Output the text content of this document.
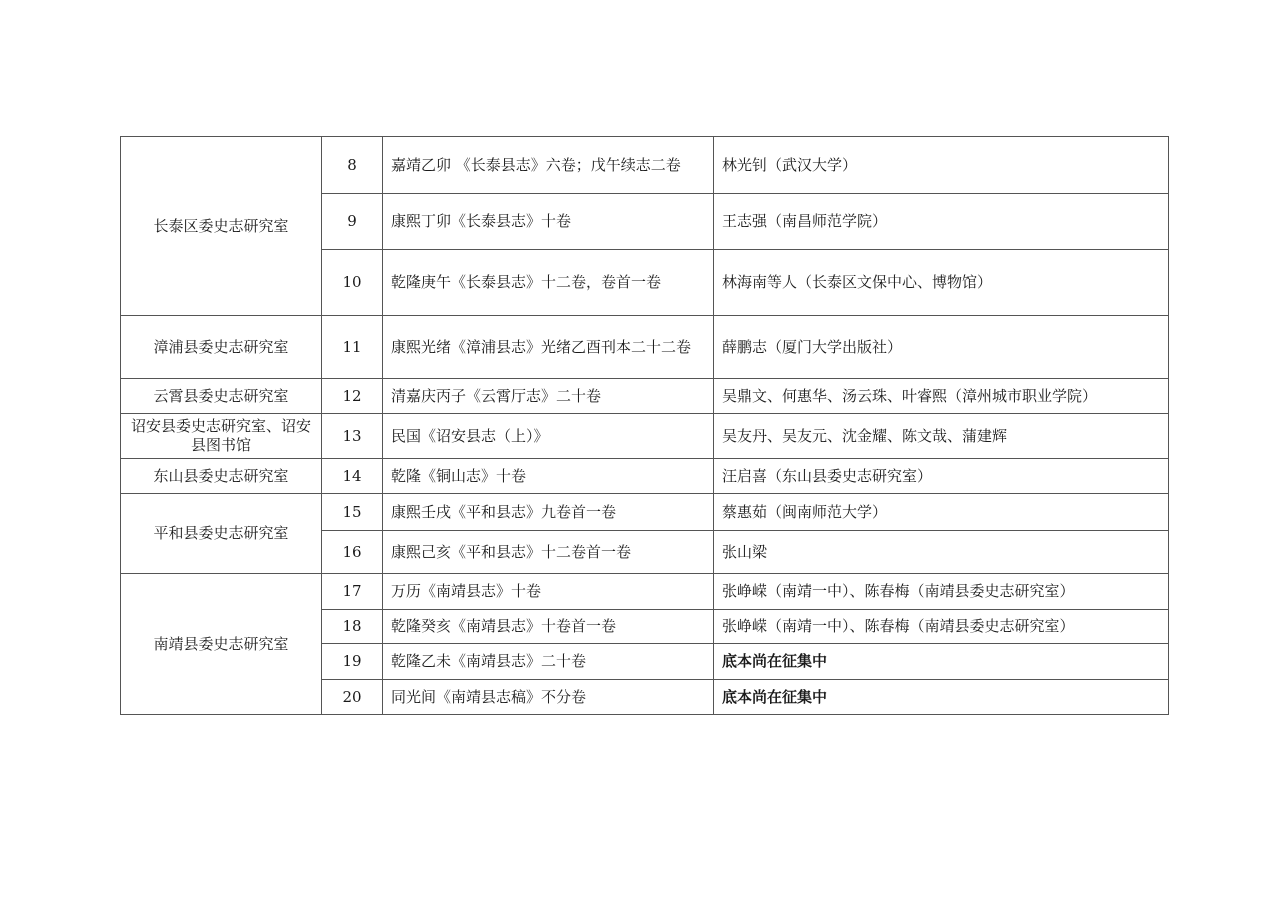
长泰区委史志研究室	8	嘉靖乙卯 《长泰县志》六卷；戊午续志二卷	林光钊（武汉大学）
	9	康熙丁卯《长泰县志》十卷	王志强（南昌师范学院）
	10	乾隆庚午《长泰县志》十二卷，卷首一卷	林海南等人（长泰区文保中心、博物馆）
漳浦县委史志研究室	11	康熙光绪《漳浦县志》光绪乙酉刊本二十二卷	薛鹏志（厦门大学出版社）
云霄县委史志研究室	12	清嘉庆丙子《云霄厅志》二十卷	吴鼎文、何惠华、汤云珠、叶睿熙（漳州城市职业学院）
诏安县委史志研究室、诏安县图书馆	13	民国《诏安县志（上）》	吴友丹、吴友元、沈金耀、陈文哉、蒲建辉
东山县委史志研究室	14	乾隆《铜山志》十卷	汪启喜（东山县委史志研究室）
平和县委史志研究室	15	康熙壬戌《平和县志》九卷首一卷	蔡惠茹（闽南师范大学）
	16	康熙己亥《平和县志》十二卷首一卷	张山梁
南靖县委史志研究室	17	万历《南靖县志》十卷	张峥嵘（南靖一中）、陈春梅（南靖县委史志研究室）
	18	乾隆癸亥《南靖县志》十卷首一卷	张峥嵘（南靖一中）、陈春梅（南靖县委史志研究室）
	19	乾隆乙未《南靖县志》二十卷	底本尚在征集中
	20	同光间《南靖县志稿》不分卷	底本尚在征集中
